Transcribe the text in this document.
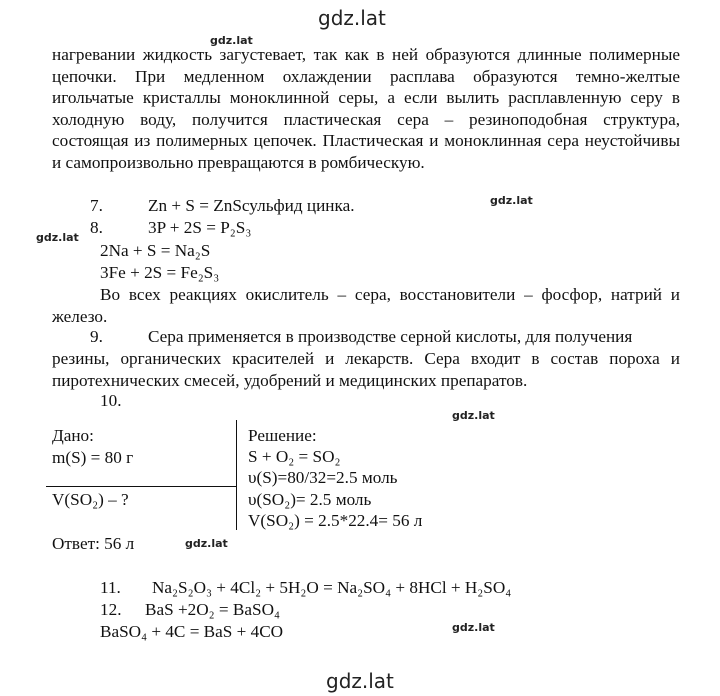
gdz.lat
gdz.lat
gdz.lat
gdz.lat
gdz.lat
gdz.lat
gdz.lat
gdz.lat
нагревании жидкость загустевает, так как в ней образуются длинные полимерные цепочки. При медленном охлаждении расплава образуются темно-желтые игольчатые кристаллы моноклинной серы, а если вылить расплавленную серу в холодную воду, получится пластическая сера – резиноподобная структура, состоящая из полимерных цепочек. Пластическая и моноклинная сера неустойчивы и самопроизвольно превращаются в ромбическую.
7.	Zn + S = ZnSсульфид цинка.
8.	3P + 2S = P₂S₃
2Na + S = Na₂S
3Fe + 2S = Fe₂S₃
Во всех реакциях окислитель – сера, восстановители – фосфор, натрий и железо.
9.	Сера применяется в производстве серной кислоты, для получения
резины, органических красителей и лекарств. Сера входит в состав пороха и пиротехнических смесей, удобрений и медицинских препаратов.
10.
Дано:
m(S) = 80 г
V(SO₂) – ?
Решение:
S + O₂ = SO₂
υ(S)=80/32=2.5 моль
υ(SO₂)= 2.5 моль
V(SO₂) = 2.5*22.4= 56 л
Ответ: 56 л
11. Na₂S₂O₃ + 4Cl₂ + 5H₂O = Na₂SO₄ + 8HCl + H₂SO₄
12. BaS +2O₂ = BaSO₄
BaSO₄ + 4C = BaS + 4CO
